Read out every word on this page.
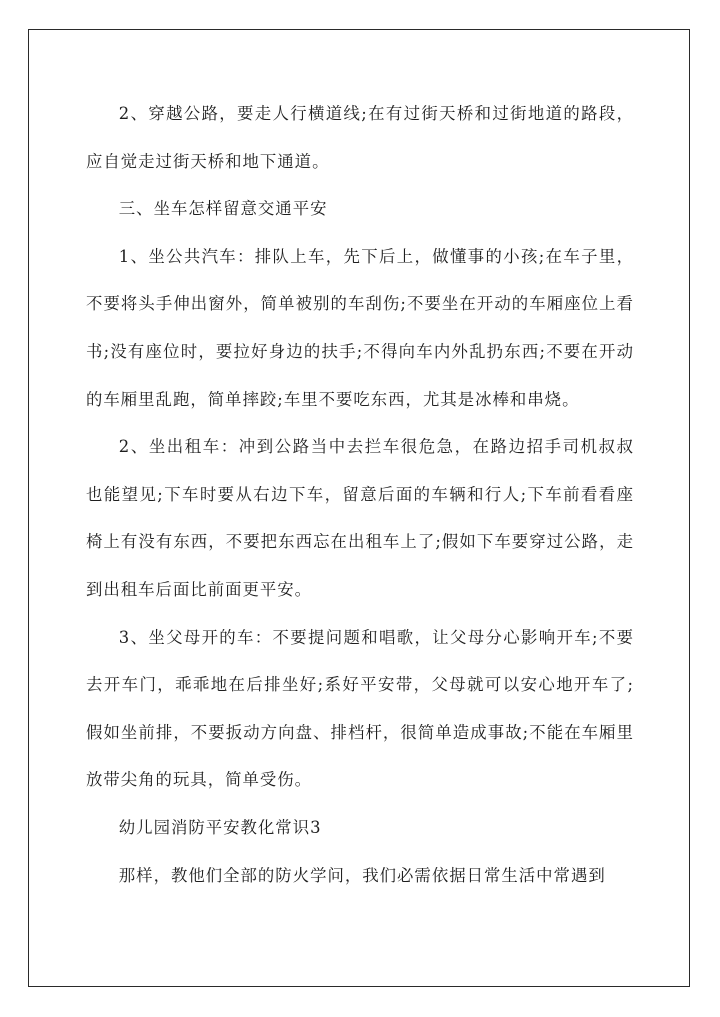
2、穿越公路，要走人行横道线;在有过街天桥和过街地道的路段，应自觉走过街天桥和地下通道。

三、坐车怎样留意交通平安

1、坐公共汽车：排队上车，先下后上，做懂事的小孩;在车子里，不要将头手伸出窗外，简单被别的车刮伤;不要坐在开动的车厢座位上看书;没有座位时，要拉好身边的扶手;不得向车内外乱扔东西;不要在开动的车厢里乱跑，简单摔跤;车里不要吃东西，尤其是冰棒和串烧。

2、坐出租车：冲到公路当中去拦车很危急，在路边招手司机叔叔也能望见;下车时要从右边下车，留意后面的车辆和行人;下车前看看座椅上有没有东西，不要把东西忘在出租车上了;假如下车要穿过公路，走到出租车后面比前面更平安。

3、坐父母开的车：不要提问题和唱歌，让父母分心影响开车;不要去开车门，乖乖地在后排坐好;系好平安带，父母就可以安心地开车了;假如坐前排，不要扳动方向盘、排档杆，很简单造成事故;不能在车厢里放带尖角的玩具，简单受伤。

幼儿园消防平安教化常识3

那样，教他们全部的防火学问，我们必需依据日常生活中常遇到
